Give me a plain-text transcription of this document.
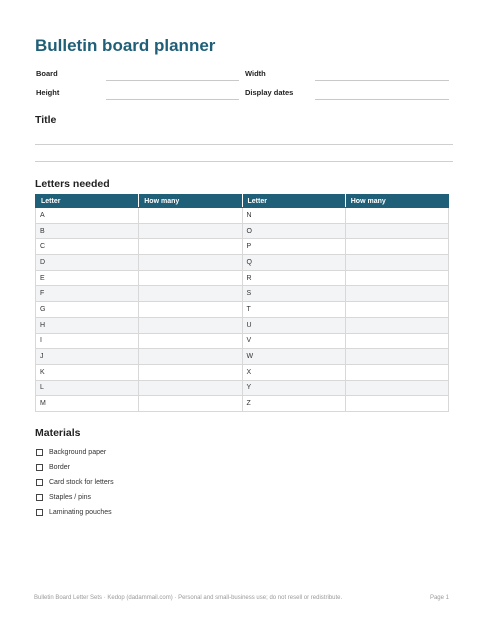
Bulletin board planner
Board	Width
Height	Display dates
Title
Letters needed
Letter	How many	Letter	How many
A		N	
B		O	
C		P	
D		Q	
E		R	
F		S	
G		T	
H		U	
I		V	
J		W	
K		X	
L		Y	
M		Z	
Materials
Background paper
Border
Card stock for letters
Staples / pins
Laminating pouches
Bulletin Board Letter Sets · Kedop (dadammail.com) · Personal and small-business use; do not resell or redistribute.	Page 1
